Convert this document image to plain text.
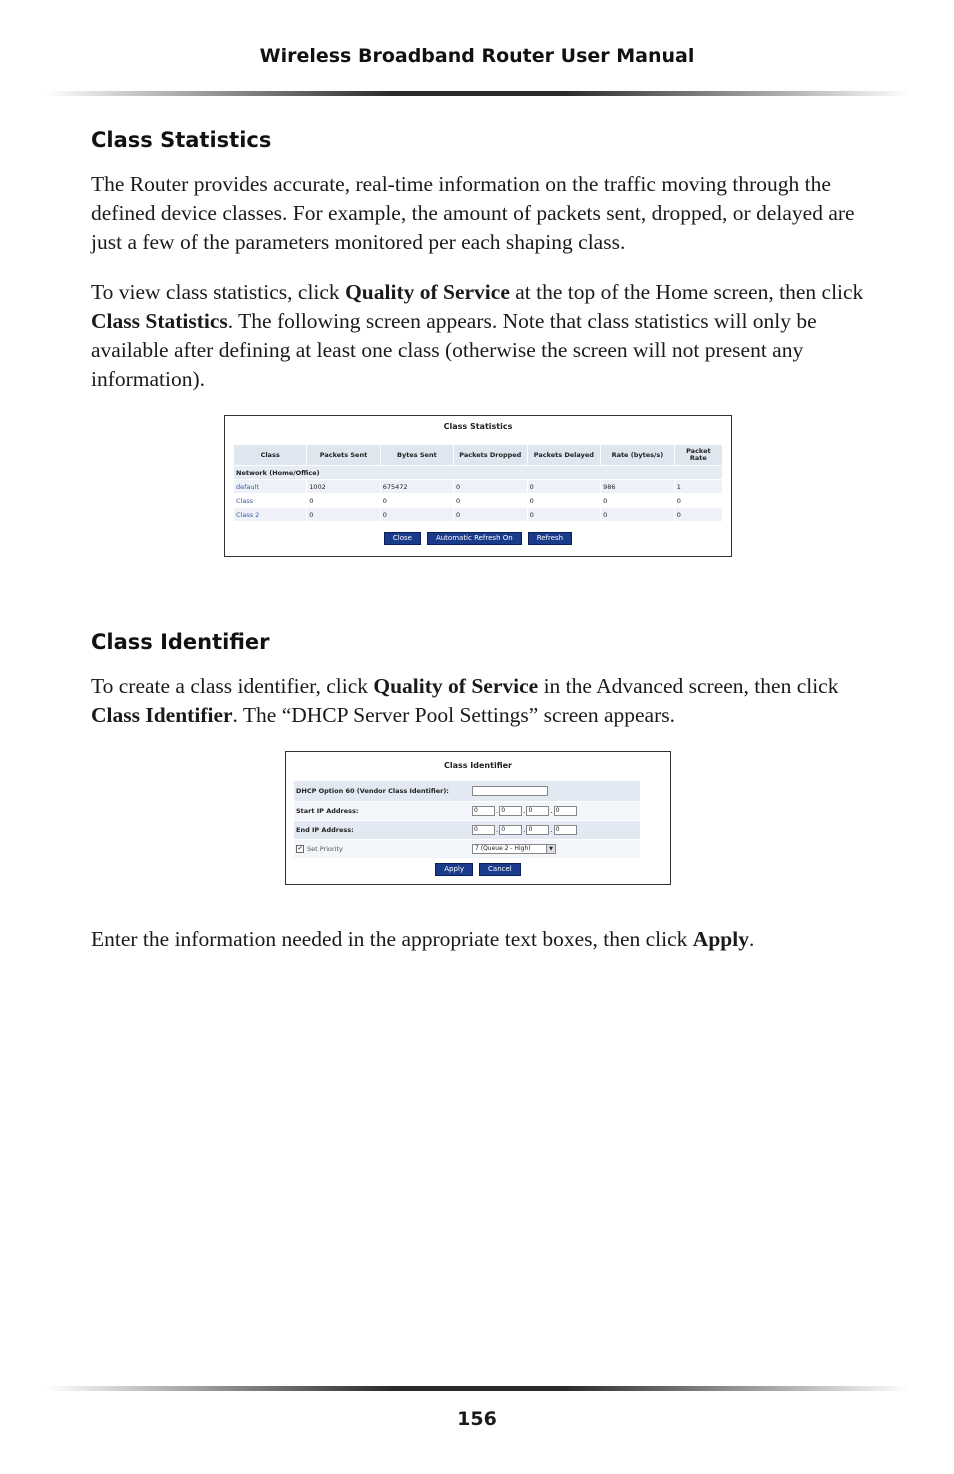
Wireless Broadband Router User Manual
Class Statistics

The Router provides accurate, real-time information on the traffic moving through the defined device classes. For example, the amount of packets sent, dropped, or delayed are just a few of the parameters monitored per each shaping class.

To view class statistics, click Quality of Service at the top of the Home screen, then click Class Statistics. The following screen appears. Note that class statistics will only be available after defining at least one class (otherwise the screen will not present any information).

Class Statistics
Class	Packets Sent	Bytes Sent	Packets Dropped	Packets Delayed	Rate (bytes/s)	Packet Rate
Network (Home/Office)						
default	1002	675472	0	0	986	1
Class	0	0	0	0	0	0
Class 2	0	0	0	0	0	0
Close	Automatic Refresh On	Refresh
Class Identifier

To create a class identifier, click Quality of Service in the Advanced screen, then click Class Identifier. The “DHCP Server Pool Settings” screen appears.

Class Identifier
DHCP Option 60 (Vendor Class Identifier):
Start IP Address:	0	. 0	. 0	. 0
End IP Address:	0	. 0	. 0	. 0
✔ Set Priority	7 (Queue 2 - High)	▼
Apply	Cancel

Enter the information needed in the appropriate text boxes, then click Apply.

156
